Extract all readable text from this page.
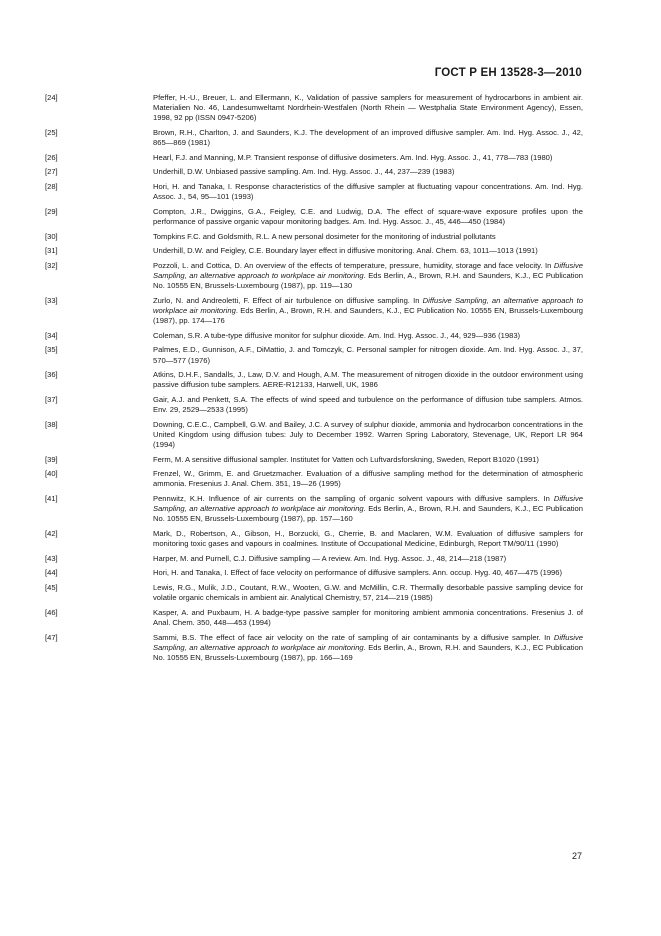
ГОСТ Р ЕН 13528-3—2010
[24]	Pfeffer, H.-U., Breuer, L. and Ellermann, K., Validation of passive samplers for measurement of hydrocarbons in ambient air. Materialien No. 46, Landesumweltamt Nordrhein-Westfalen (North Rhein — Westphalia State Environment Agency), Essen, 1998, 92 pp (ISSN 0947-5206)
[25]	Brown, R.H., Charlton, J. and Saunders, K.J. The development of an improved diffusive sampler. Am. Ind. Hyg. Assoc. J., 42, 865—869 (1981)
[26]	Hearl, F.J. and Manning, M.P. Transient response of diffusive dosimeters. Am. Ind. Hyg. Assoc. J., 41, 778—783 (1980)
[27]	Underhill, D.W. Unbiased passive sampling. Am. Ind. Hyg. Assoc. J., 44, 237—239 (1983)
[28]	Hori, H. and Tanaka, I. Response characteristics of the diffusive sampler at fluctuating vapour concentrations. Am. Ind. Hyg. Assoc. J., 54, 95—101 (1993)
[29]	Compton, J.R., Dwiggins, G.A., Feigley, C.E. and Ludwig, D.A. The effect of square-wave exposure profiles upon the performance of passive organic vapour monitoring badges. Am. Ind. Hyg. Assoc. J., 45, 446—450 (1984)
[30]	Tompkins F.C. and Goldsmith, R.L. A new personal dosimeter for the monitoring of industrial pollutants
[31]	Underhill, D.W. and Feigley, C.E. Boundary layer effect in diffusive monitoring. Anal. Chem. 63, 1011—1013 (1991)
[32]	Pozzoli, L. and Cottica, D. An overview of the effects of temperature, pressure, humidity, storage and face velocity. In Diffusive Sampling, an alternative approach to workplace air monitoring. Eds Berlin, A., Brown, R.H. and Saunders, K.J., EC Publication No. 10555 EN, Brussels-Luxembourg (1987), pp. 119—130
[33]	Zurlo, N. and Andreoletti, F. Effect of air turbulence on diffusive sampling. In Diffusive Sampling, an alternative approach to workplace air monitoring. Eds Berlin, A., Brown, R.H. and Saunders, K.J., EC Publication No. 10555 EN, Brussels-Luxembourg (1987), pp. 174—176
[34]	Coleman, S.R. A tube-type diffusive monitor for sulphur dioxide. Am. Ind. Hyg. Assoc. J., 44, 929—936 (1983)
[35]	Palmes, E.D., Gunnison, A.F., DiMattio, J. and Tomczyk, C. Personal sampler for nitrogen dioxide. Am. Ind. Hyg. Assoc. J., 37, 570—577 (1976)
[36]	Atkins, D.H.F., Sandalls, J., Law, D.V. and Hough, A.M. The measurement of nitrogen dioxide in the outdoor environment using passive diffusion tube samplers. AERE-R12133, Harwell, UK, 1986
[37]	Gair, A.J. and Penkett, S.A. The effects of wind speed and turbulence on the performance of diffusion tube samplers. Atmos. Env. 29, 2529—2533 (1995)
[38]	Downing, C.E.C., Campbell, G.W. and Bailey, J.C. A survey of sulphur dioxide, ammonia and hydrocarbon concentrations in the United Kingdom using diffusion tubes: July to December 1992. Warren Spring Laboratory, Stevenage, UK, Report LR 964 (1994)
[39]	Ferm, M. A sensitive diffusional sampler. Institutet for Vatten och Luftvardsforskning, Sweden, Report B1020 (1991)
[40]	Frenzel, W., Grimm, E. and Gruetzmacher. Evaluation of a diffusive sampling method for the determination of atmospheric ammonia. Fresenius J. Anal. Chem. 351, 19—26 (1995)
[41]	Pennwitz, K.H. Influence of air currents on the sampling of organic solvent vapours with diffusive samplers. In Diffusive Sampling, an alternative approach to workplace air monitoring. Eds Berlin, A., Brown, R.H. and Saunders, K.J., EC Publication No. 10555 EN, Brussels-Luxembourg (1987), pp. 157—160
[42]	Mark, D., Robertson, A., Gibson, H., Borzucki, G., Cherrie, B. and Maclaren, W.M. Evaluation of diffusive samplers for monitoring toxic gases and vapours in coalmines. Institute of Occupational Medicine, Edinburgh, Report TM/90/11 (1990)
[43]	Harper, M. and Purnell, C.J. Diffusive sampling — A review. Am. Ind. Hyg. Assoc. J., 48, 214—218 (1987)
[44]	Hori, H. and Tanaka, I. Effect of face velocity on performance of diffusive samplers. Ann. occup. Hyg. 40, 467—475 (1996)
[45]	Lewis, R.G., Mulik, J.D., Coutant, R.W., Wooten, G.W. and McMillin, C.R. Thermally desorbable passive sampling device for volatile organic chemicals in ambient air. Analytical Chemistry, 57, 214—219 (1985)
[46]	Kasper, A. and Puxbaum, H. A badge-type passive sampler for monitoring ambient ammonia concentrations. Fresenius J. of Anal. Chem. 350, 448—453 (1994)
[47]	Sammi, B.S. The effect of face air velocity on the rate of sampling of air contaminants by a diffusive sampler. In Diffusive Sampling, an alternative approach to workplace air monitoring. Eds Berlin, A., Brown, R.H. and Saunders, K.J., EC Publication No. 10555 EN, Brussels-Luxembourg (1987), pp. 166—169
27
